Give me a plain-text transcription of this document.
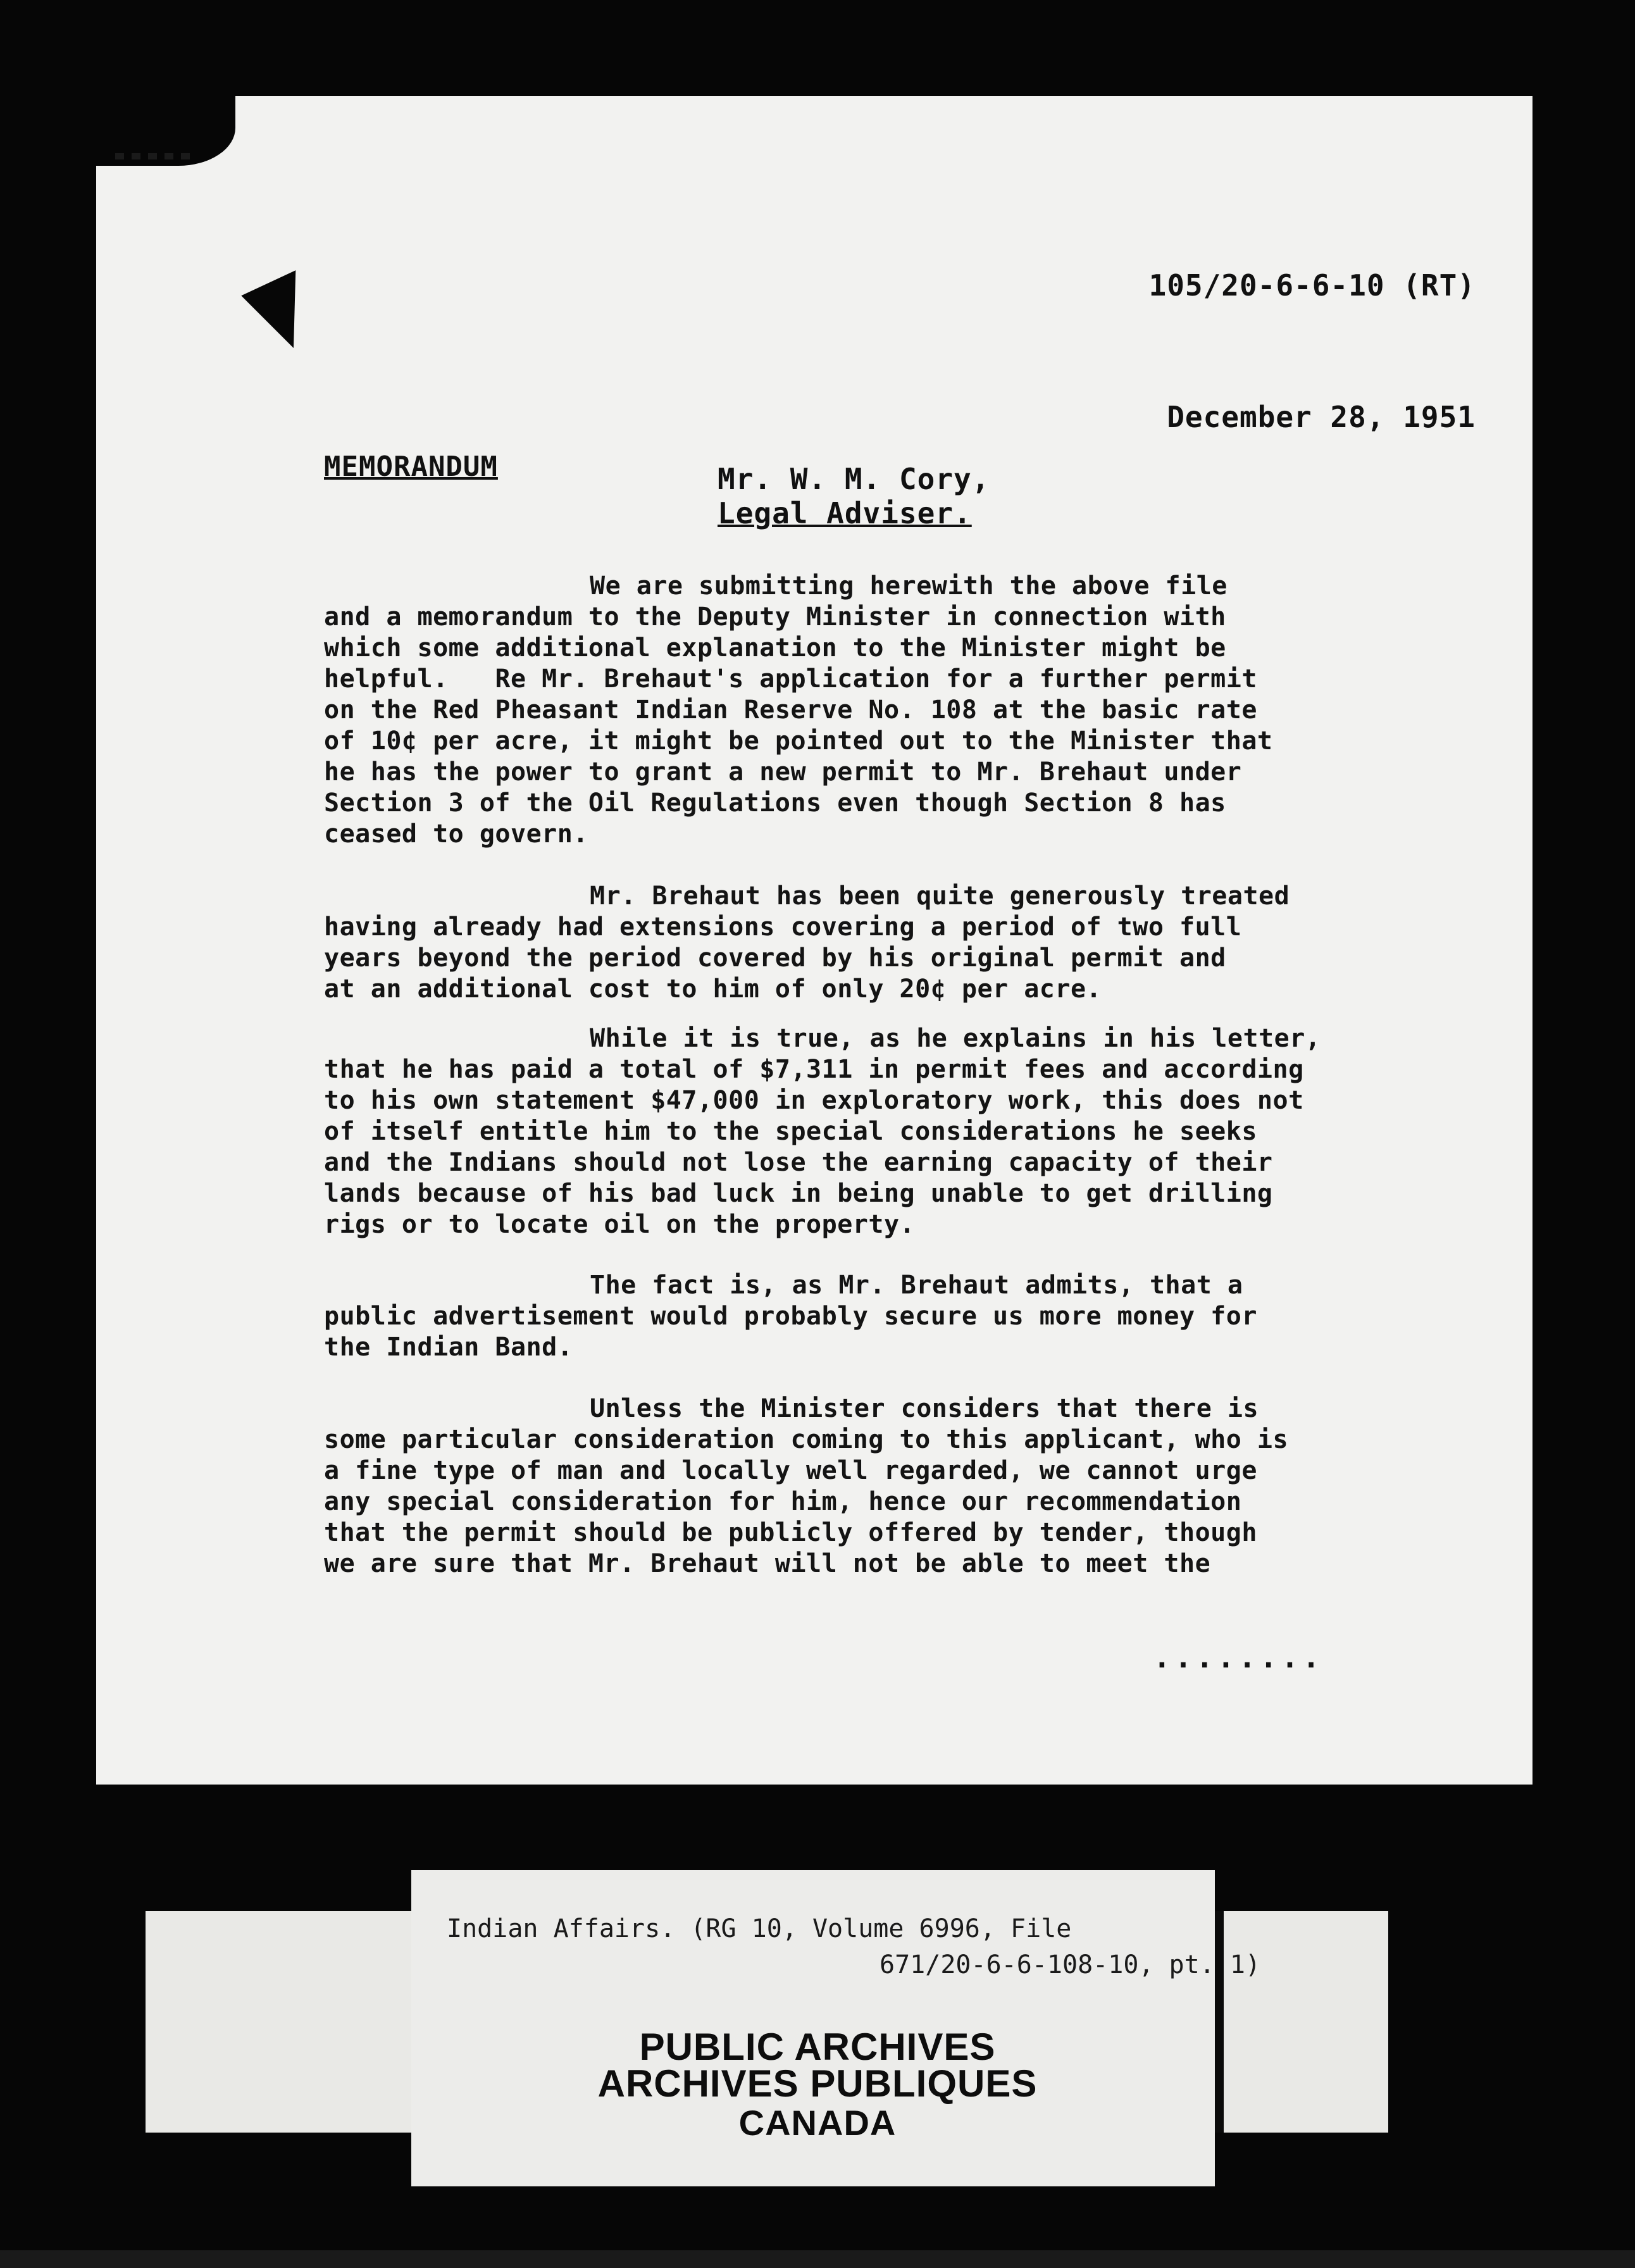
105/20-6-6-10 (RT)
December 28, 1951
MEMORANDUM	Mr. W. M. Cory,
Legal Adviser.
We are submitting herewith the above file
and a memorandum to the Deputy Minister in connection with
which some additional explanation to the Minister might be
helpful.   Re Mr. Brehaut's application for a further permit
on the Red Pheasant Indian Reserve No. 108 at the basic rate
of 10¢ per acre, it might be pointed out to the Minister that
he has the power to grant a new permit to Mr. Brehaut under
Section 3 of the Oil Regulations even though Section 8 has
ceased to govern.
Mr. Brehaut has been quite generously treated
having already had extensions covering a period of two full
years beyond the period covered by his original permit and
at an additional cost to him of only 20¢ per acre.
While it is true, as he explains in his letter,
that he has paid a total of $7,311 in permit fees and according
to his own statement $47,000 in exploratory work, this does not
of itself entitle him to the special considerations he seeks
and the Indians should not lose the earning capacity of their
lands because of his bad luck in being unable to get drilling
rigs or to locate oil on the property.
The fact is, as Mr. Brehaut admits, that a
public advertisement would probably secure us more money for
the Indian Band.
Unless the Minister considers that there is
some particular consideration coming to this applicant, who is
a fine type of man and locally well regarded, we cannot urge
any special consideration for him, hence our recommendation
that the permit should be publicly offered by tender, though
we are sure that Mr. Brehaut will not be able to meet the
........
Indian Affairs. (RG 10, Volume 6996, File
671/20-6-6-108-10, pt. 1)
PUBLIC ARCHIVES
ARCHIVES PUBLIQUES
CANADA
